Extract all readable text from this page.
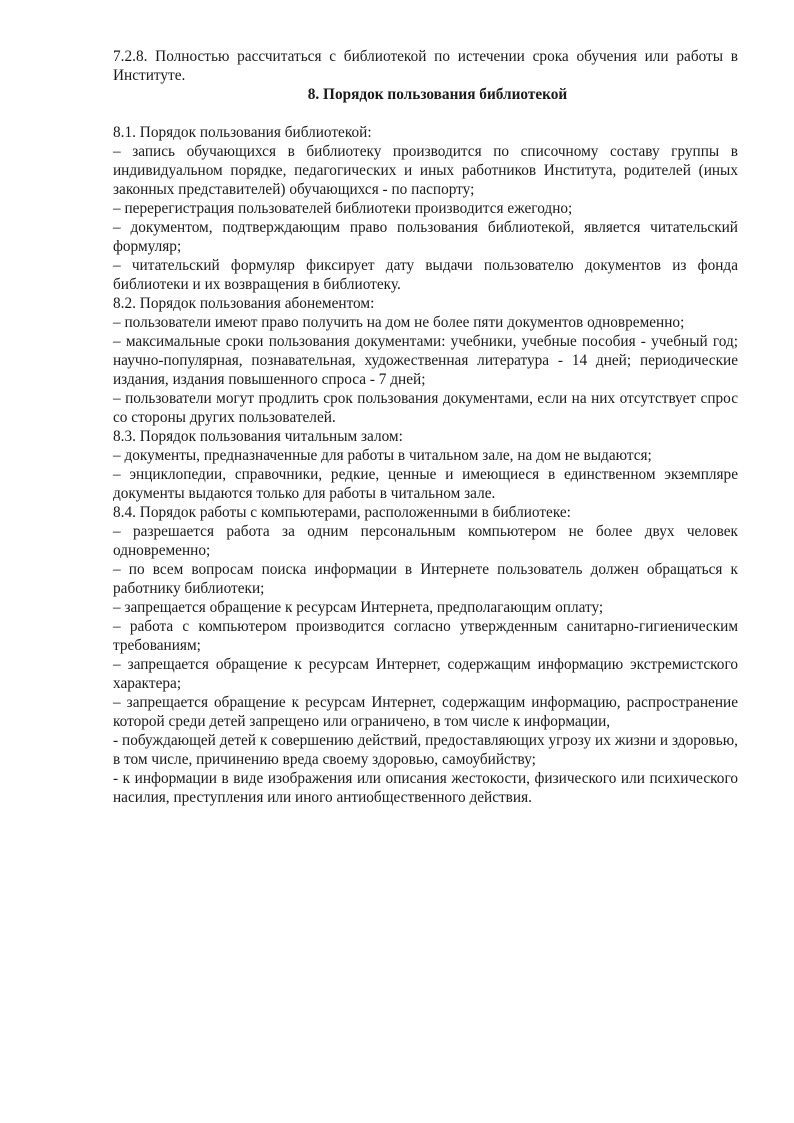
7.2.8. Полностью рассчитаться с библиотекой по истечении срока обучения или работы в Институте.

8. Порядок пользования библиотекой

8.1. Порядок пользования библиотекой:

– запись обучающихся в библиотеку производится по списочному составу группы в индивидуальном порядке, педагогических и иных работников Института, родителей (иных законных представителей) обучающихся - по паспорту;

– перерегистрация пользователей библиотеки производится ежегодно;

– документом, подтверждающим право пользования библиотекой, является читательский формуляр;

– читательский формуляр фиксирует дату выдачи пользователю документов из фонда библиотеки и их возвращения в библиотеку.

8.2. Порядок пользования абонементом:

– пользователи имеют право получить на дом не более пяти документов одновременно;

– максимальные сроки пользования документами: учебники, учебные пособия - учебный год; научно-популярная, познавательная, художественная литература - 14 дней; периодические издания, издания повышенного спроса - 7 дней;

– пользователи могут продлить срок пользования документами, если на них отсутствует спрос со стороны других пользователей.

8.3. Порядок пользования читальным залом:

– документы, предназначенные для работы в читальном зале, на дом не выдаются;

– энциклопедии, справочники, редкие, ценные и имеющиеся в единственном экземпляре документы выдаются только для работы в читальном зале.

8.4. Порядок работы с компьютерами, расположенными в библиотеке:

– разрешается работа за одним персональным компьютером не более двух человек одновременно;

– по всем вопросам поиска информации в Интернете пользователь должен обращаться к работнику библиотеки;

– запрещается обращение к ресурсам Интернета, предполагающим оплату;

– работа с компьютером производится согласно утвержденным санитарно-гигиеническим требованиям;

– запрещается обращение к ресурсам Интернет, содержащим информацию экстремистского характера;

– запрещается обращение к ресурсам Интернет, содержащим информацию, распространение которой среди детей запрещено или ограничено, в том числе к информации,

- побуждающей детей к совершению действий, предоставляющих угрозу их жизни и здоровью, в том числе, причинению вреда своему здоровью, самоубийству;

- к информации в виде изображения или описания жестокости, физического или психического насилия, преступления или иного антиобщественного действия.
